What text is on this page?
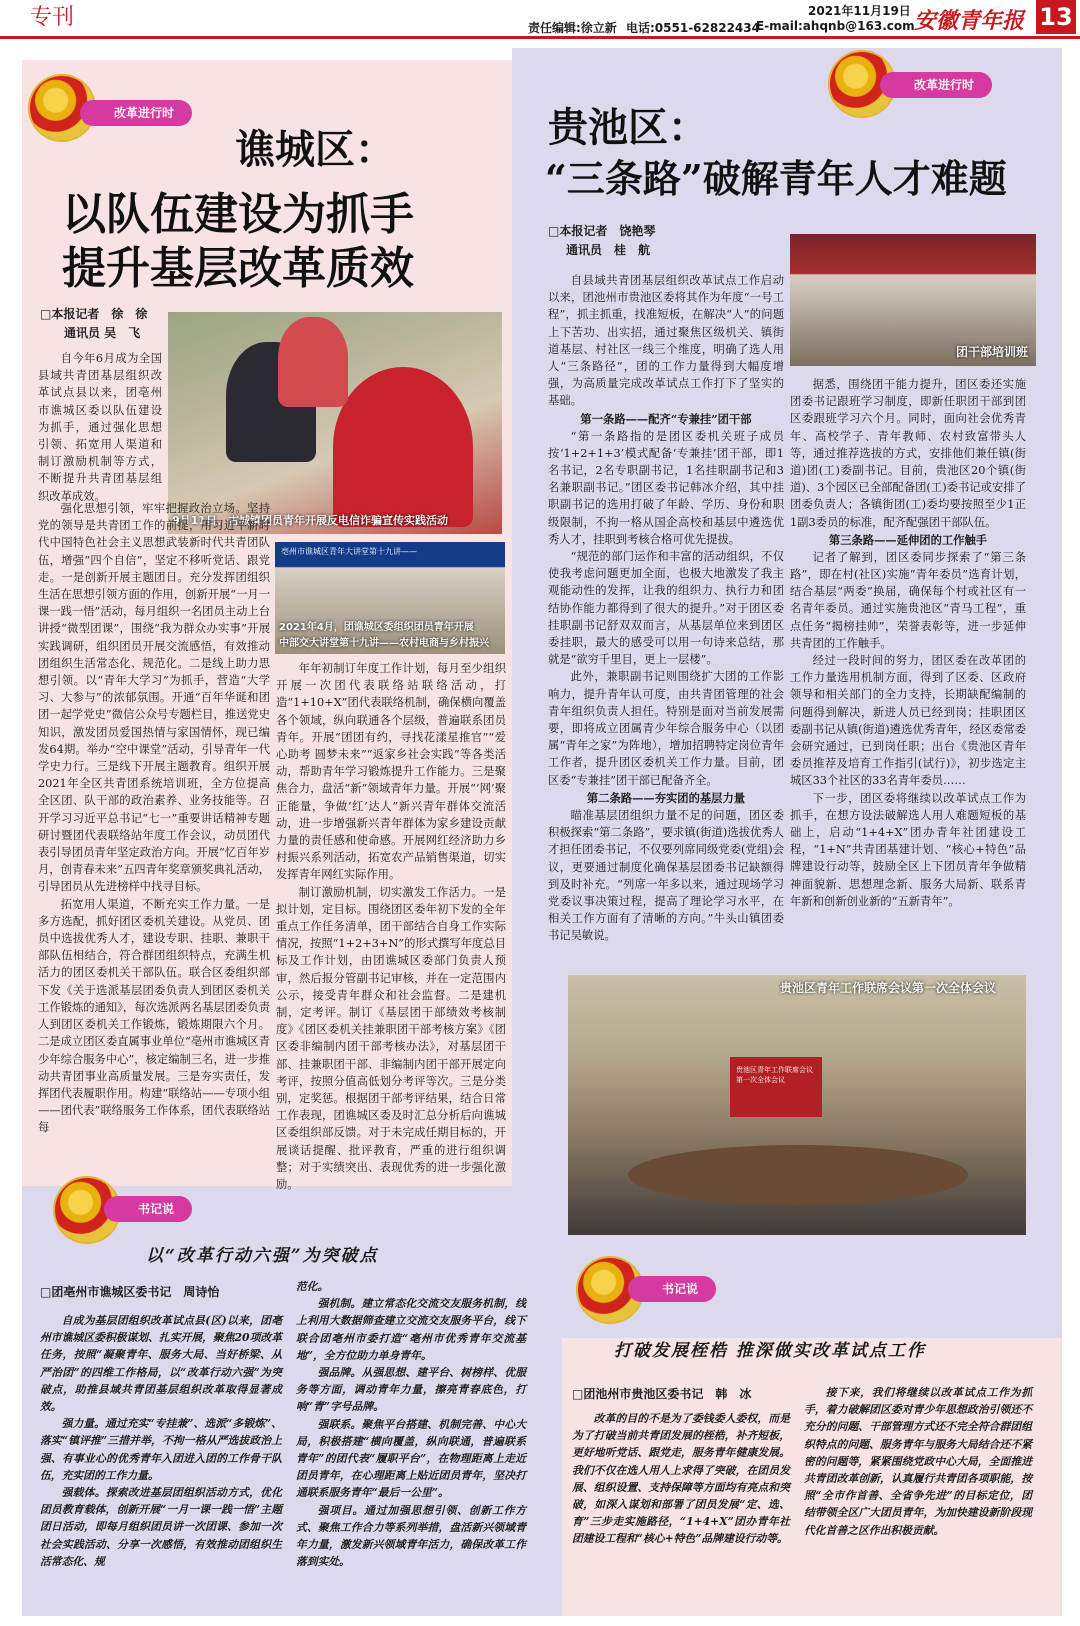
专刊	2021年11月19日
责任编辑:徐立新 电话:0551-62822434
E-mail:ahqnb@163.com 安徽青年报 13
改革进行时
谯城区：
以队伍建设为抓手
提升基层改革质效
□本报记者　徐　徐
通讯员 吴　飞
9月11日，古城镇团员青年开展反电信诈骗宣传实践活动
亳州市谯城区青年大讲堂第十九讲——
2021年4月，团谯城区委组织团员青年开展
中部交大讲堂第十九讲——农村电商与乡村振兴

自今年6月成为全国县域共青团基层组织改革试点县以来，团亳州市谯城区委以队伍建设为抓手，通过强化思想引领、拓宽用人渠道和制订激励机制等方式，不断提升共青团基层组织改革成效。

强化思想引领，牢牢把握政治立场。坚持党的领导是共青团工作的前提，用习近平新时代中国特色社会主义思想武装新时代共青团队伍，增强“四个自信”，坚定不移听党话、跟党走。一是创新开展主题团日。充分发挥团组织生活在思想引领方面的作用，创新开展“一月一课一践一悟”活动，每月组织一名团员主动上台讲授“微型团课”，围绕“我为群众办实事”开展实践调研，组织团员开展交流感悟，有效推动团组织生活常态化、规范化。二是线上助力思想引领。以“青年大学习”为抓手，营造“大学习、大参与”的浓郁氛围。开通“百年华诞和团团一起学党史”微信公众号专题栏目，推送党史知识，激发团员爱国热情与家国情怀，现已编发64期。举办“空中课堂”活动，引导青年一代学史力行。三是线下开展主题教育。组织开展2021年全区共青团系统培训班，全方位提高全区团、队干部的政治素养、业务技能等。召开学习习近平总书记“七一”重要讲话精神专题研讨暨团代表联络站年度工作会议，动员团代表引导团员青年坚定政治方向。开展“忆百年岁月，创青春未来”五四青年奖章颁奖典礼活动，引导团员从先进榜样中找寻目标。

拓宽用人渠道，不断充实工作力量。一是多方选配，抓好团区委机关建设。从党员、团员中选拔优秀人才，建设专职、挂职、兼职干部队伍相结合，符合群团组织特点，充满生机活力的团区委机关干部队伍。联合区委组织部下发《关于选派基层团委负责人到团区委机关工作锻炼的通知》，每次选派两名基层团委负责人到团区委机关工作锻炼，锻炼期限六个月。二是成立团区委直属事业单位“亳州市谯城区青少年综合服务中心”，核定编制三名，进一步推动共青团事业高质量发展。三是夯实责任，发挥团代表履职作用。构建“联络站——专项小组——团代表”联络服务工作体系，团代表联络站每

年年初制订年度工作计划，每月至少组织开展一次团代表联络站联络活动，打造“1+10+X”团代表联络机制，确保横向覆盖各个领域，纵向联通各个层级，普遍联系团员青年。开展“团团有约，寻找花漾星推官”“爱心助考 圆梦未来”“返家乡社会实践”等各类活动，帮助青年学习锻炼提升工作能力。三是聚焦合力，盘活“新”领域青年力量。开展“‘网’聚正能量，争做‘红’达人”新兴青年群体交流活动，进一步增强新兴青年群体为家乡建设贡献力量的责任感和使命感。开展网红经济助力乡村振兴系列活动，拓宽农产品销售渠道，切实发挥青年网红实际作用。

制订激励机制，切实激发工作活力。一是拟计划，定目标。围绕团区委年初下发的全年重点工作任务清单，团干部结合自身工作实际情况，按照“1+2+3+N”的形式撰写年度总目标及工作计划，由团谯城区委部门负责人预审，然后报分管副书记审核，并在一定范围内公示，接受青年群众和社会监督。二是建机制，定考评。制订《基层团干部绩效考核制度》《团区委机关挂兼职团干部考核方案》《团区委非编制内团干部考核办法》，对基层团干部、挂兼职团干部、非编制内团干部开展定向考评，按照分值高低划分考评等次。三是分类别，定奖惩。根据团干部考评结果，结合日常工作表现，团谯城区委及时汇总分析后向谯城区委组织部反馈。对于未完成任期目标的，开展谈话提醒、批评教育，严重的进行组织调整；对于实绩突出、表现优秀的进一步强化激励。

改革进行时
贵池区：
“三条路”破解青年人才难题
□本报记者　饶艳琴
通讯员　桂　航
团干部培训班

自县域共青团基层组织改革试点工作启动以来，团池州市贵池区委将其作为年度“一号工程”，抓主抓重，找准短板，在解决“人”的问题上下苦功、出实招，通过聚焦区级机关、镇街道基层、村社区一线三个维度，明确了选人用人“三条路径”，团的工作力量得到大幅度增强，为高质量完成改革试点工作打下了坚实的基础。

第一条路——配齐“专兼挂”团干部

“第一条路指的是团区委机关班子成员按‘1+2+1+3’模式配备‘专兼挂’团干部，即1名书记，2名专职副书记，1名挂职副书记和3名兼职副书记。”团区委书记韩冰介绍，其中挂职副书记的选用打破了年龄、学历、身份和职级限制，不拘一格从国企高校和基层中遴选优秀人才，挂职到考核合格可优先提拔。

“规范的部门运作和丰富的活动组织，不仅使我考虑问题更加全面，也极大地激发了我主观能动性的发挥，让我的组织力、执行力和团结协作能力都得到了很大的提升。”对于团区委挂职副书记舒双双而言，从基层单位来到团区委挂职，最大的感受可以用一句诗来总结，那就是“欲穷千里目，更上一层楼”。

此外，兼职副书记则围绕扩大团的工作影响力，提升青年认可度，由共青团管理的社会青年组织负责人担任。特别是面对当前发展需要，即将成立团属青少年综合服务中心（以团属“青年之家”为阵地），增加招聘特定岗位青年工作者，提升团区委机关工作力量。目前，团区委“专兼挂”团干部已配备齐全。

第二条路——夯实团的基层力量

瞄准基层团组织力量不足的问题，团区委积极探索“第二条路”，要求镇(街道)选拔优秀人才担任团委书记，不仅要列席同级党委(党组)会议，更要通过制度化确保基层团委书记缺额得到及时补充。“列席一年多以来，通过现场学习党委议事决策过程，提高了理论学习水平，在相关工作方面有了清晰的方向。”牛头山镇团委书记吴敏说。

据悉，围绕团干能力提升，团区委还实施团委书记跟班学习制度，即新任职团干部到团区委跟班学习六个月。同时，面向社会优秀青年、高校学子、青年教师、农村致富带头人等，通过推荐选拔的方式，安排他们兼任镇(街道)团(工)委副书记。目前，贵池区20个镇(街道)、3个园区已全部配备团(工)委书记或安排了团委负责人；各镇街团(工)委均要按照至少1正1副3委员的标准，配齐配强团干部队伍。

第三条路——延伸团的工作触手

记者了解到，团区委同步探索了“第三条路”，即在村(社区)实施“青年委员”选育计划，结合基层“两委”换届，确保每个村或社区有一名青年委员。通过实施贵池区“青马工程”，重点任务“揭榜挂帅”，荣誉表彰等，进一步延伸共青团的工作触手。

经过一段时间的努力，团区委在改革团的工作力量选用机制方面，得到了区委、区政府领导和相关部门的全力支持，长期缺配编制的问题得到解决，新进人员已经到岗；挂职团区委副书记从镇(街道)遴选优秀青年，经区委常委会研究通过，已到岗任职；出台《贵池区青年委员推荐及培育工作指引(试行)》，初步选定主城区33个社区的33名青年委员……

下一步，团区委将继续以改革试点工作为抓手，在想方设法破解选人用人难题短板的基础上，启动“1+4+X”团办青年社团建设工程，“1+N”共青团基建计划、“核心+特色”品牌建设行动等，鼓励全区上下团员青年争做精神面貌新、思想理念新、服务大局新、联系青年新和创新创业新的“五新青年”。

贵池区青年工作联席会议第一次全体会议
贵池区青年工作联席会议第一次全体会议
书记说
以“改革行动六强”为突破点
□团亳州市谯城区委书记　周诗怡

自成为基层团组织改革试点县(区)以来，团亳州市谯城区委积极谋划、扎实开展，聚焦20项改革任务，按照“凝聚青年、服务大局、当好桥梁、从严治团”的四维工作格局，以“改革行动六强”为突破点，助推县域共青团基层组织改革取得显著成效。

强力量。通过充实“专挂兼”、选派“多锻炼”、落实“镇评推”三措并举，不拘一格从严选拔政治上强、有事业心的优秀青年入团进入团的工作骨干队伍，充实团的工作力量。

强载体。探索改进基层团组织活动方式，优化团员教育载体，创新开展“一月一课一践一悟”主题团日活动，即每月组织团员讲一次团课、参加一次社会实践活动、分享一次感悟，有效推动团组织生活常态化、规

范化。

强机制。建立常态化交流交友服务机制，线上利用大数据筛查建立交流交友服务平台，线下联合团亳州市委打造“亳州市优秀青年交流基地”，全方位助力单身青年。

强品牌。从强思想、建平台、树榜样、优服务等方面，调动青年力量，擦亮青春底色，打响“青”字号品牌。

强联系。聚焦平台搭建、机制完善、中心大局，积极搭建“横向覆盖，纵向联通，普遍联系青年”的团代表“履职平台”，在物理距离上走近团员青年，在心理距离上贴近团员青年，坚决打通联系服务青年“最后一公里”。

强项目。通过加强思想引领、创新工作方式、聚焦工作合力等系列举措，盘活新兴领域青年力量，激发新兴领域青年活力，确保改革工作落到实处。

书记说
打破发展桎梏 推深做实改革试点工作
□团池州市贵池区委书记　韩　冰

改革的目的不是为了委钱委人委权，而是为了打破当前共青团发展的桎梏，补齐短板，更好地听党话、跟党走，服务青年健康发展。我们不仅在选人用人上求得了突破，在团员发展、组织设置、支持保障等方面均有亮点和突破，如深入谋划和部署了团员发展“定、选、育”三步走实施路径，“1+4+X”团办青年社团建设工程和“核心+特色”品牌建设行动等。

接下来，我们将继续以改革试点工作为抓手，着力破解团区委对青少年思想政治引领还不充分的问题、干部管理方式还不完全符合群团组织特点的问题、服务青年与服务大局结合还不紧密的问题等，紧紧围绕党政中心大局，全面推进共青团改革创新，认真履行共青团各项职能，按照“全市作首善、全省争先进”的目标定位，团结带领全区广大团员青年，为加快建设新阶段现代化首善之区作出积极贡献。
